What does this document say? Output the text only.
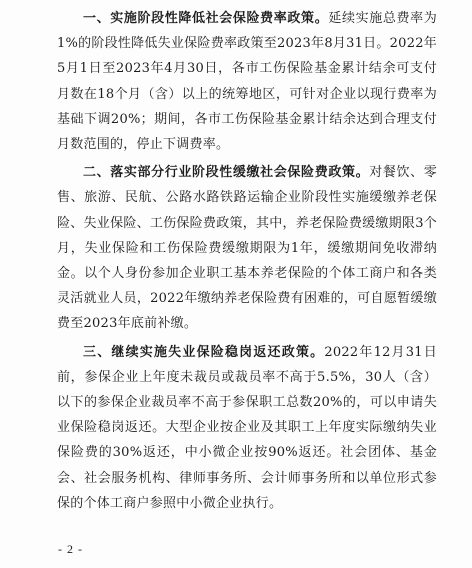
一、实施阶段性降低社会保险费率政策。延续实施总费率为1%的阶段性降低失业保险费率政策至2023年8月31日。2022年5月1日至2023年4月30日，各市工伤保险基金累计结余可支付月数在18个月（含）以上的统筹地区，可针对企业以现行费率为基础下调20%；期间，各市工伤保险基金累计结余达到合理支付月数范围的，停止下调费率。

二、落实部分行业阶段性缓缴社会保险费政策。对餐饮、零售、旅游、民航、公路水路铁路运输企业阶段性实施缓缴养老保险、失业保险、工伤保险费政策，其中，养老保险费缓缴期限3个月，失业保险和工伤保险费缓缴期限为1年，缓缴期间免收滞纳金。以个人身份参加企业职工基本养老保险的个体工商户和各类灵活就业人员，2022年缴纳养老保险费有困难的，可自愿暂缓缴费至2023年底前补缴。

三、继续实施失业保险稳岗返还政策。2022年12月31日前，参保企业上年度未裁员或裁员率不高于5.5%，30人（含）以下的参保企业裁员率不高于参保职工总数20%的，可以申请失业保险稳岗返还。大型企业按企业及其职工上年度实际缴纳失业保险费的30%返还，中小微企业按90%返还。社会团体、基金会、社会服务机构、律师事务所、会计师事务所和以单位形式参保的个体工商户参照中小微企业执行。

- 2 -
